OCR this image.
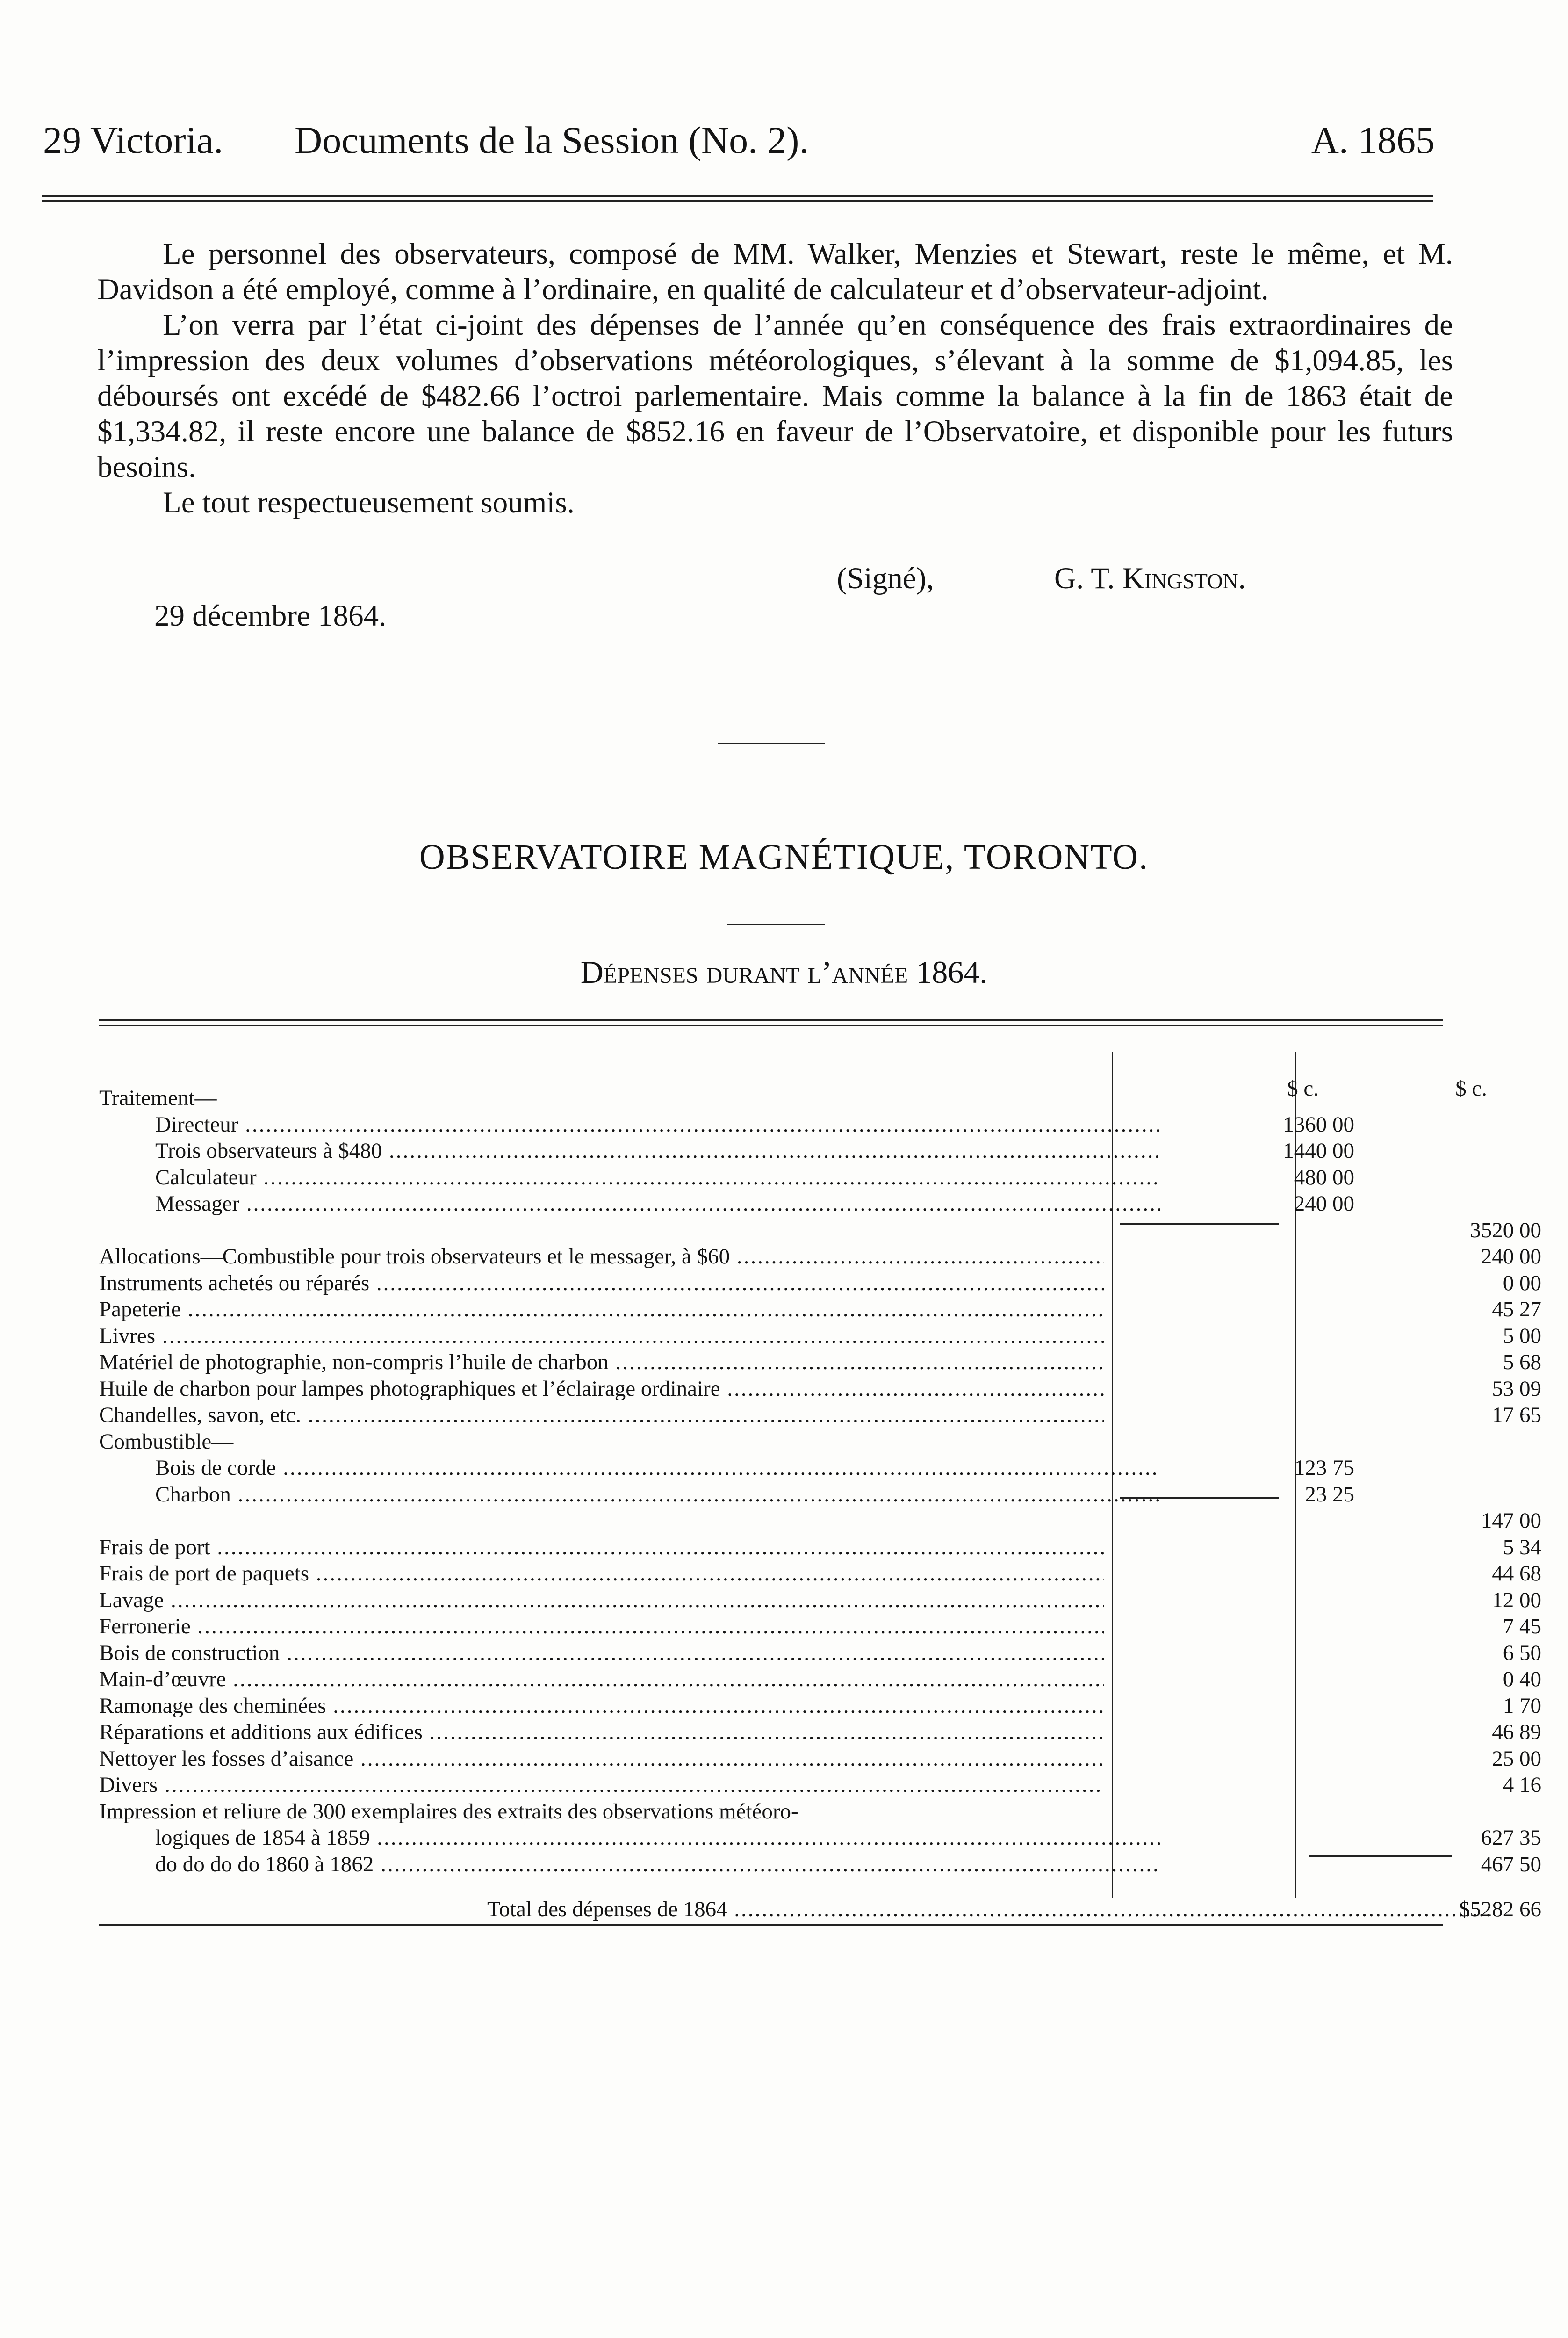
29 Victoria.	Documents de la Session (No. 2).	A. 1865

Le personnel des observateurs, composé de MM. Walker, Menzies et Stewart, reste le même, et M. Davidson a été employé, comme à l’ordinaire, en qualité de calculateur et d’observateur-adjoint.

L’on verra par l’état ci-joint des dépenses de l’année qu’en conséquence des frais extraordinaires de l’impression des deux volumes d’observations météorologiques, s’élevant à la somme de $1,094.85, les déboursés ont excédé de $482.66 l’octroi parlementaire. Mais comme la balance à la fin de 1863 était de $1,334.82, il reste encore une balance de $852.16 en faveur de l’Observatoire, et disponible pour les futurs besoins.

Le tout respectueusement soumis.

(Signé),	G. T. Kingston.
29 décembre 1864.
OBSERVATOIRE MAGNÉTIQUE, TORONTO.
Dépenses durant l’année 1864.
$ c.	$ c.
Traitement—
Directeur .....	1360 00
Trois observateurs à $480 .....	1440 00
Calculateur .....	480 00
Messager .....	240 00
3520 00
Allocations—Combustible pour trois observateurs et le messager, à $60 .....	240 00
Instruments achetés ou réparés .....	0 00
Papeterie .....	45 27
Livres .....	5 00
Matériel de photographie, non-compris l’huile de charbon .....	5 68
Huile de charbon pour lampes photographiques et l’éclairage ordinaire .....	53 09
Chandelles, savon, etc. .....	17 65
Combustible—
Bois de corde .....	123 75
Charbon .....	23 25
147 00
Frais de port .....	5 34
Frais de port de paquets .....	44 68
Lavage .....	12 00
Ferronerie .....	7 45
Bois de construction .....	6 50
Main-d’œuvre .....	0 40
Ramonage des cheminées .....	1 70
Réparations et additions aux édifices .....	46 89
Nettoyer les fosses d’aisance .....	25 00
Divers .....	4 16
Impression et reliure de 300 exemplaires des extraits des observations météoro-
logiques de 1854 à 1859 .....	627 35
do do do do 1860 à 1862 .....	467 50
Total des dépenses de 1864 .....	$5282 66
